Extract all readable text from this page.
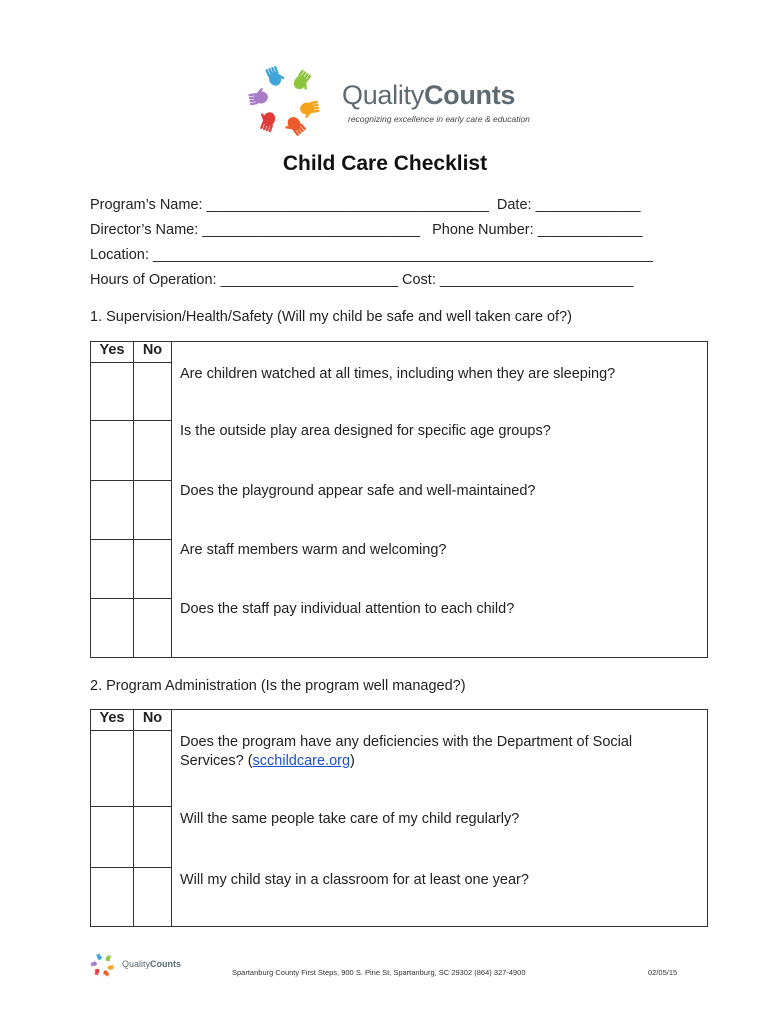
QualityCounts
recognizing excellence in early care & education
Child Care Checklist
Program’s Name: ___________________________________  Date: _____________
Director’s Name: ___________________________   Phone Number: _____________
Location: ______________________________________________________________
Hours of Operation: ______________________ Cost: ________________________
1. Supervision/Health/Safety (Will my child be safe and well taken care of?)
Yes	No	
		Are children watched at all times, including when they are sleeping?
		Is the outside play area designed for specific age groups?
		Does the playground appear safe and well-maintained?
		Are staff members warm and welcoming?
		Does the staff pay individual attention to each child?
2. Program Administration (Is the program well managed?)
Yes	No	
		Does the program have any deficiencies with the Department of Social Services? (scchildcare.org)
		Will the same people take care of my child regularly?
		Will my child stay in a classroom for at least one year?
QualityCounts
Spartanburg County First Steps, 900 S. Pine St, Spartanburg, SC 29302 (864) 327-4900	02/05/15
